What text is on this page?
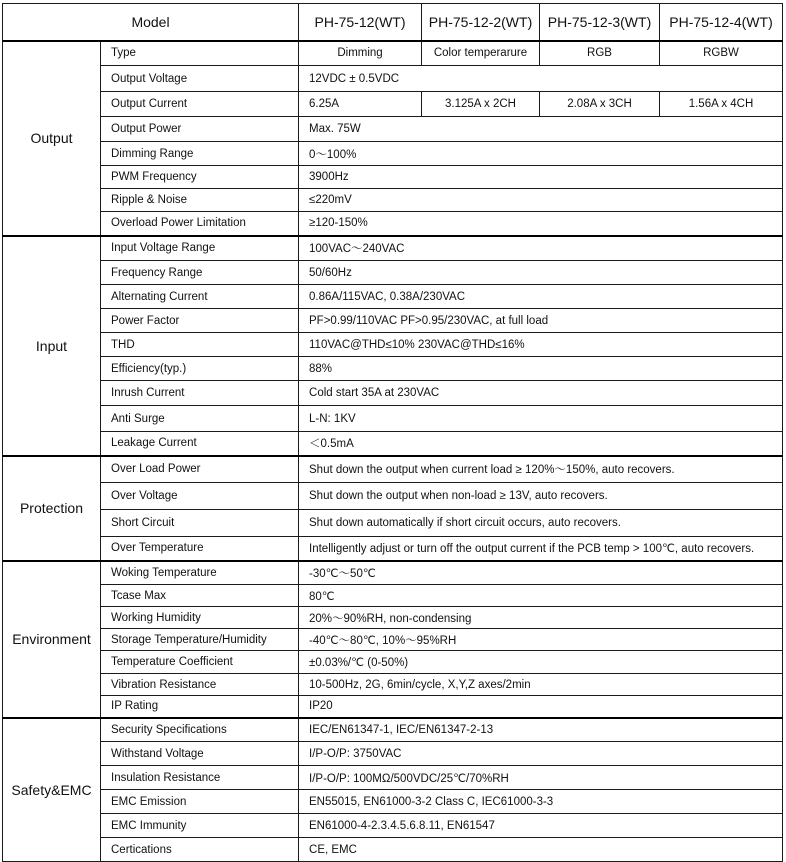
Model		PH-75-12(WT)	PH-75-12-2(WT)	PH-75-12-3(WT)	PH-75-12-4(WT)
Output	Type	Dimming	Color temperarure	RGB	RGBW
	Output Voltage	12VDC ± 0.5VDC			
	Output Current	6.25A	3.125A x 2CH	2.08A x 3CH	1.56A x 4CH
	Output Power	Max. 75W			
	Dimming Range	0～100%			
	PWM Frequency	3900Hz			
	Ripple & Noise	≤220mV			
	Overload Power Limitation	≥120-150%			
Input	Input Voltage Range	100VAC～240VAC			
	Frequency Range	50/60Hz			
	Alternating Current	0.86A/115VAC, 0.38A/230VAC			
	Power Factor	PF>0.99/110VAC PF>0.95/230VAC, at full load			
	THD	110VAC@THD≤10% 230VAC@THD≤16%			
	Efficiency(typ.)	88%			
	Inrush Current	Cold start 35A at 230VAC			
	Anti Surge	L-N: 1KV			
	Leakage Current	＜0.5mA			
Protection	Over Load Power	Shut down the output when current load ≥ 120%～150%, auto recovers.			
	Over Voltage	Shut down the output when non-load ≥ 13V, auto recovers.			
	Short Circuit	Shut down automatically if short circuit occurs, auto recovers.			
	Over Temperature	Intelligently adjust or turn off the output current if the PCB temp > 100℃, auto recovers.			
Environment	Woking Temperature	-30℃～50℃			
	Tcase Max	80℃			
	Working Humidity	20%～90%RH, non-condensing			
	Storage Temperature/Humidity	-40℃～80℃, 10%～95%RH			
	Temperature Coefficient	±0.03%/℃ (0-50%)			
	Vibration Resistance	10-500Hz, 2G, 6min/cycle, X,Y,Z axes/2min			
	IP Rating	IP20			
Safety&EMC	Security Specifications	IEC/EN61347-1, IEC/EN61347-2-13			
	Withstand Voltage	I/P-O/P: 3750VAC			
	Insulation Resistance	I/P-O/P: 100MΩ/500VDC/25℃/70%RH			
	EMC Emission	EN55015, EN61000-3-2 Class C, IEC61000-3-3			
	EMC Immunity	EN61000-4-2.3.4.5.6.8.11, EN61547			
	Certications	CE, EMC			
